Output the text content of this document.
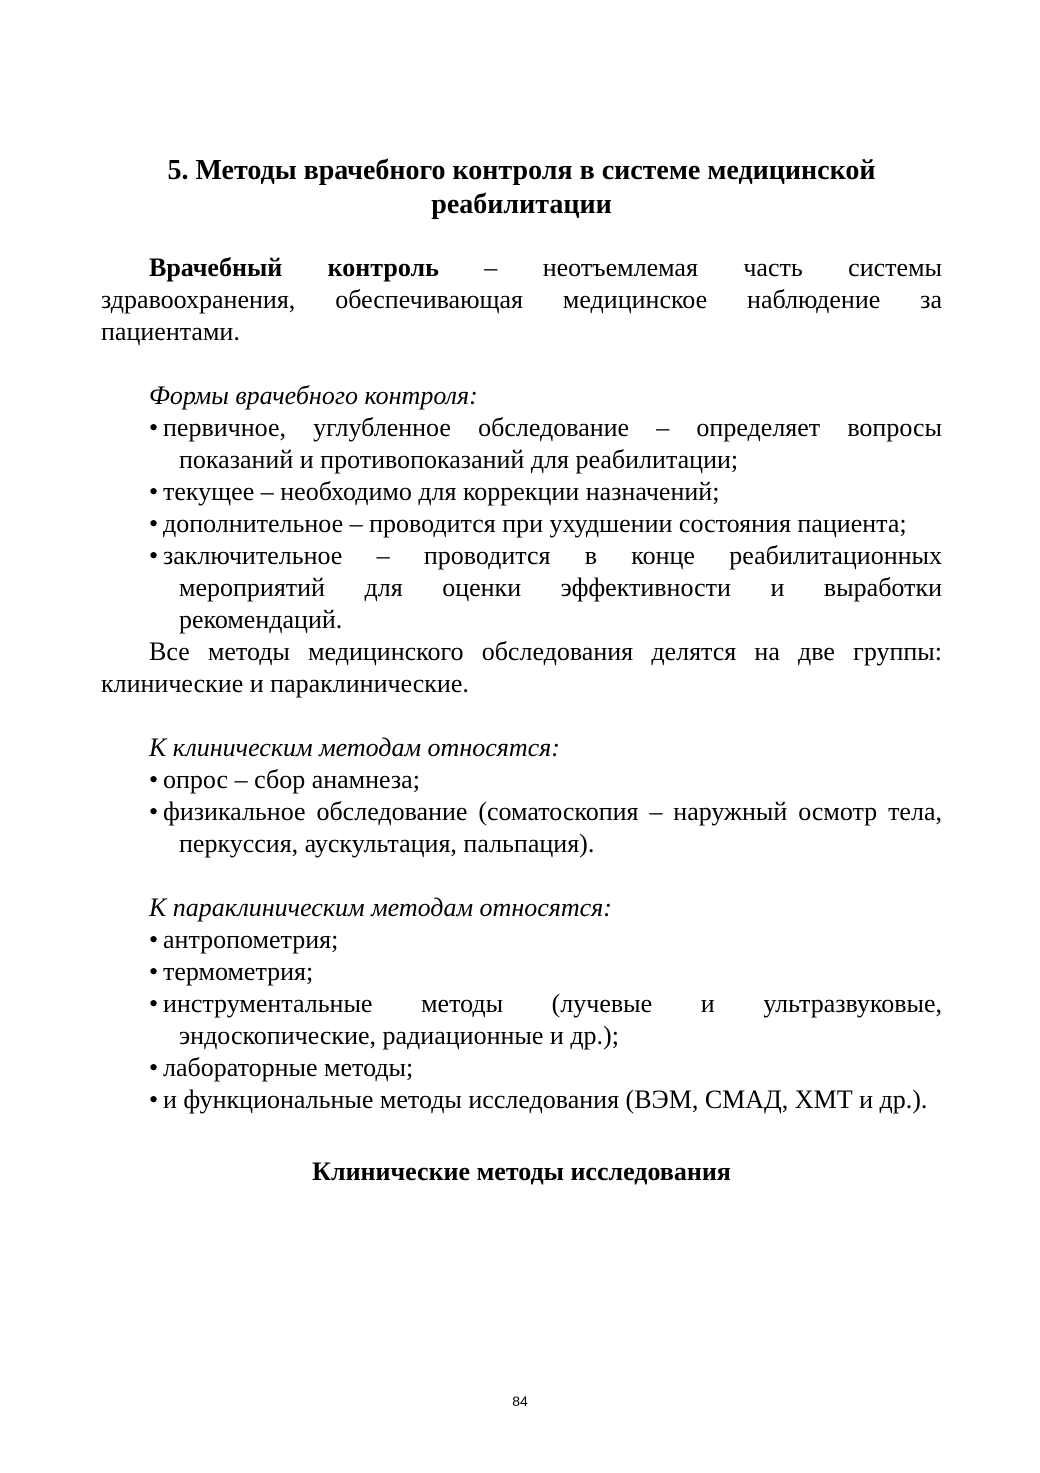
5. Методы врачебного контроля в системе медицинской
реабилитации

Врачебный контроль – неотъемлемая часть системы здравоохранения, обеспечивающая медицинское наблюдение за пациентами.

Формы врачебного контроля:
• первичное, углубленное обследование – определяет вопросы показаний и противопоказаний для реабилитации;
• текущее – необходимо для коррекции назначений;
• дополнительное – проводится при ухудшении состояния пациента;
• заключительное – проводится в конце реабилитационных мероприятий для оценки эффективности и выработки рекомендаций.

Все методы медицинского обследования делятся на две группы: клинические и параклинические.

К клиническим методам относятся:
• опрос – сбор анамнеза;
• физикальное обследование (соматоскопия – наружный осмотр тела, перкуссия, аускультация, пальпация).
К параклиническим методам относятся:
• антропометрия;
• термометрия;
• инструментальные методы (лучевые и ультразвуковые, эндоскопические, радиационные и др.);
• лабораторные методы;
• и функциональные методы исследования (ВЭМ, СМАД, ХМТ и др.).
Клинические методы исследования
84
